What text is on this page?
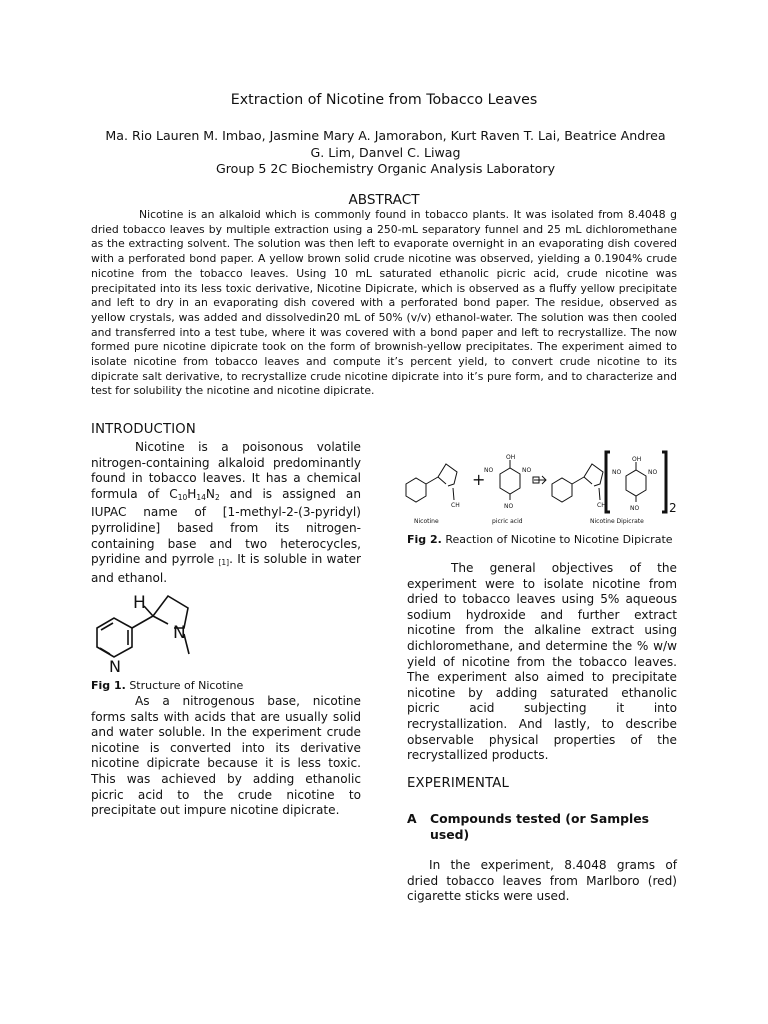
Extraction of Nicotine from Tobacco Leaves
Ma. Rio Lauren M. Imbao, Jasmine Mary A. Jamorabon, Kurt Raven T. Lai, Beatrice Andrea
G. Lim, Danvel C. Liwag
Group 5 2C Biochemistry Organic Analysis Laboratory
ABSTRACT

Nicotine is an alkaloid which is commonly found in tobacco plants. It was isolated from 8.4048 g dried tobacco leaves by multiple extraction using a 250-mL separatory funnel and 25 mL dichloromethane as the extracting solvent. The solution was then left to evaporate overnight in an evaporating dish covered with a perforated bond paper. A yellow brown solid crude nicotine was observed, yielding a 0.1904% crude nicotine from the tobacco leaves. Using 10 mL saturated ethanolic picric acid, crude nicotine was precipitated into its less toxic derivative, Nicotine Dipicrate, which is observed as a fluffy yellow precipitate and left to dry in an evaporating dish covered with a perforated bond paper. The residue, observed as yellow crystals, was added and dissolvedin20 mL of 50% (v/v) ethanol-water. The solution was then cooled and transferred into a test tube, where it was covered with a bond paper and left to recrystallize. The now formed pure nicotine dipicrate took on the form of brownish-yellow precipitates. The experiment aimed to isolate nicotine from tobacco leaves and compute it’s percent yield, to convert crude nicotine to its dipicrate salt derivative, to recrystallize crude nicotine dipicrate into it’s pure form, and to characterize and test for solubility the nicotine and nicotine dipicrate.

INTRODUCTION

Nicotine is a poisonous volatile nitrogen-containing alkaloid predominantly found in tobacco leaves. It has a chemical formula of $C_{10}H_{14}N_2$ and is assigned an IUPAC name of [1-methyl-2-(3-pyridyl) pyrrolidine] based from its nitrogen-containing base and two heterocycles, pyridine and pyrrole [1]. It is soluble in water and ethanol.

H
N
N
Fig 1. Structure of Nicotine

As a nitrogenous base, nicotine forms salts with acids that are usually solid and water soluble. In the experiment crude nicotine is converted into its derivative nicotine dipicrate because it is less toxic. This was achieved by adding ethanolic picric acid to the crude nicotine to precipitate out impure nicotine dipicrate.

Nicotine	picric acid	Nicotine Dipicrate
OH	OH
NO	NO
NO
NO	NO
NO
CH	CH
+
2
Fig 2. Reaction of Nicotine to Nicotine Dipicrate

The general objectives of the experiment were to isolate nicotine from dried to tobacco leaves using 5% aqueous sodium hydroxide and further extract nicotine from the alkaline extract using dichloromethane, and determine the % w/w yield of nicotine from the tobacco leaves. The experiment also aimed to precipitate nicotine by adding saturated ethanolic picric acid subjecting it into recrystallization. And lastly, to describe observable physical properties of the recrystallized products.

EXPERIMENTAL
A Compounds tested (or Samples used)

In the experiment, 8.4048 grams of dried tobacco leaves from Marlboro (red) cigarette sticks were used.
